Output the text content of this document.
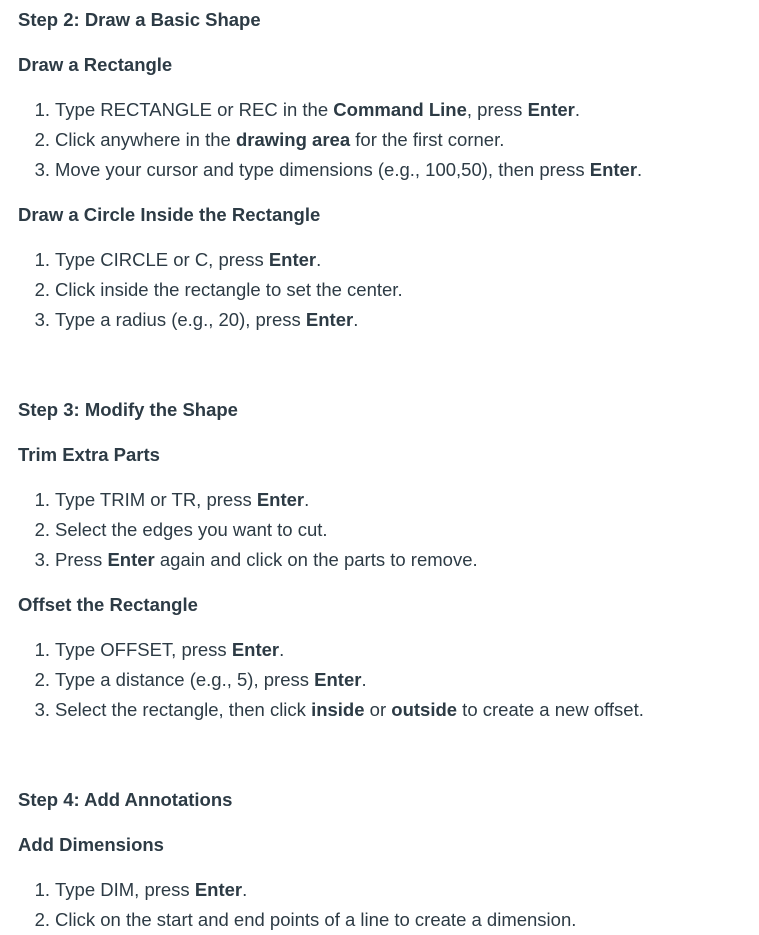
Step 2: Draw a Basic Shape
Draw a Rectangle
1. Type RECTANGLE or REC in the Command Line, press Enter.
2. Click anywhere in the drawing area for the first corner.
3. Move your cursor and type dimensions (e.g., 100,50), then press Enter.
Draw a Circle Inside the Rectangle
1. Type CIRCLE or C, press Enter.
2. Click inside the rectangle to set the center.
3. Type a radius (e.g., 20), press Enter.
Step 3: Modify the Shape
Trim Extra Parts
1. Type TRIM or TR, press Enter.
2. Select the edges you want to cut.
3. Press Enter again and click on the parts to remove.
Offset the Rectangle
1. Type OFFSET, press Enter.
2. Type a distance (e.g., 5), press Enter.
3. Select the rectangle, then click inside or outside to create a new offset.
Step 4: Add Annotations
Add Dimensions
1. Type DIM, press Enter.
2. Click on the start and end points of a line to create a dimension.
